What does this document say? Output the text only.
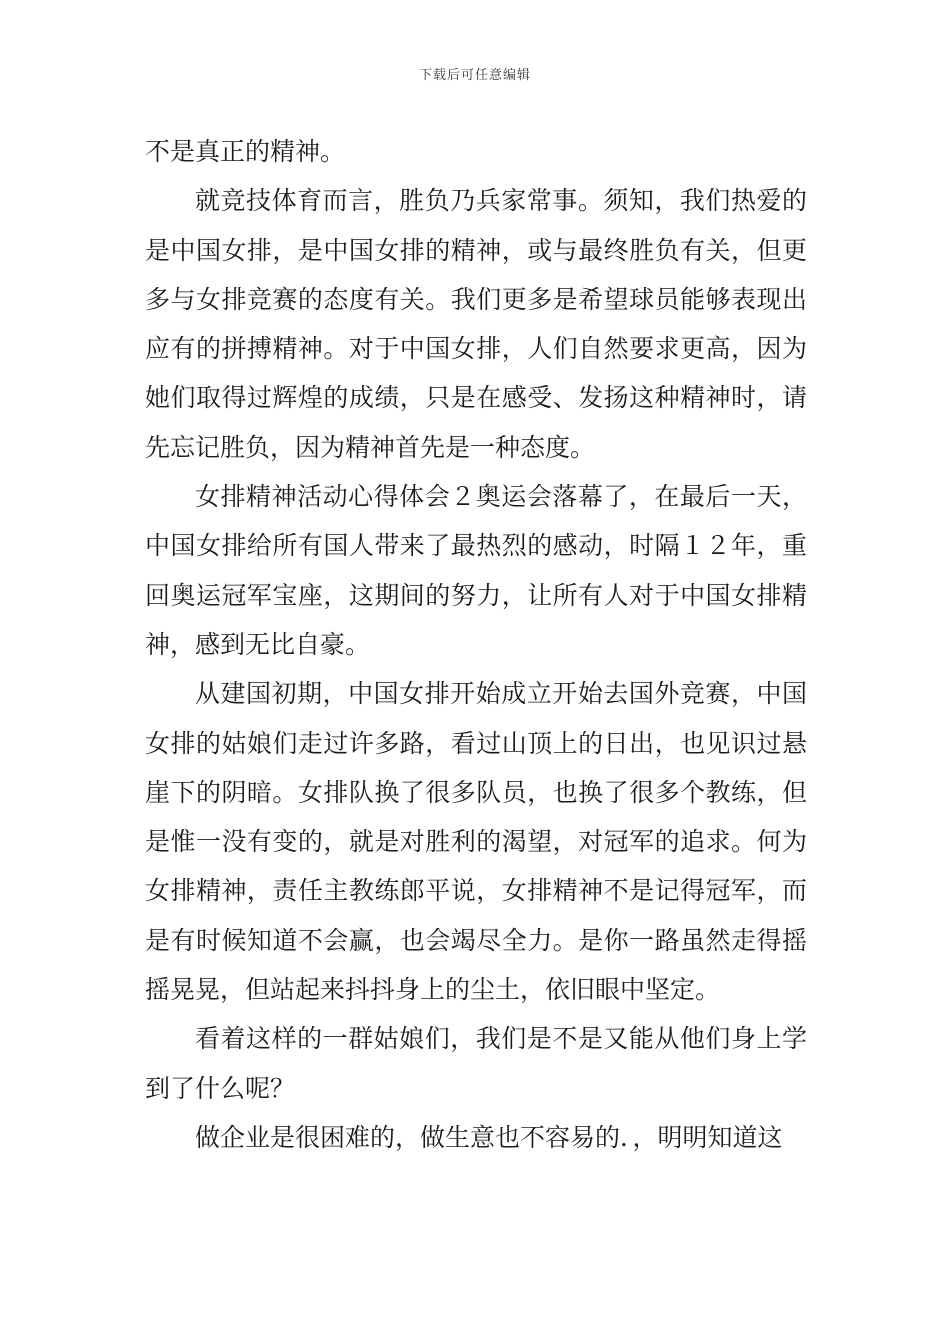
下载后可任意编辑

不是真正的精神。

就竞技体育而言，胜负乃兵家常事。须知，我们热爱的是中国女排，是中国女排的精神，或与最终胜负有关，但更多与女排竞赛的态度有关。我们更多是希望球员能够表现出应有的拼搏精神。对于中国女排，人们自然要求更高，因为她们取得过辉煌的成绩，只是在感受、发扬这种精神时，请先忘记胜负，因为精神首先是一种态度。

女排精神活动心得体会２奥运会落幕了，在最后一天，中国女排给所有国人带来了最热烈的感动，时隔１２年，重回奥运冠军宝座，这期间的努力，让所有人对于中国女排精神，感到无比自豪。

从建国初期，中国女排开始成立开始去国外竞赛，中国女排的姑娘们走过许多路，看过山顶上的日出，也见识过悬崖下的阴暗。女排队换了很多队员，也换了很多个教练，但是惟一没有变的，就是对胜利的渴望，对冠军的追求。何为女排精神，责任主教练郎平说，女排精神不是记得冠军，而是有时候知道不会赢，也会竭尽全力。是你一路虽然走得摇摇晃晃，但站起来抖抖身上的尘土，依旧眼中坚定。

看着这样的一群姑娘们，我们是不是又能从他们身上学到了什么呢？

做企业是很困难的，做生意也不容易的．，明明知道这
